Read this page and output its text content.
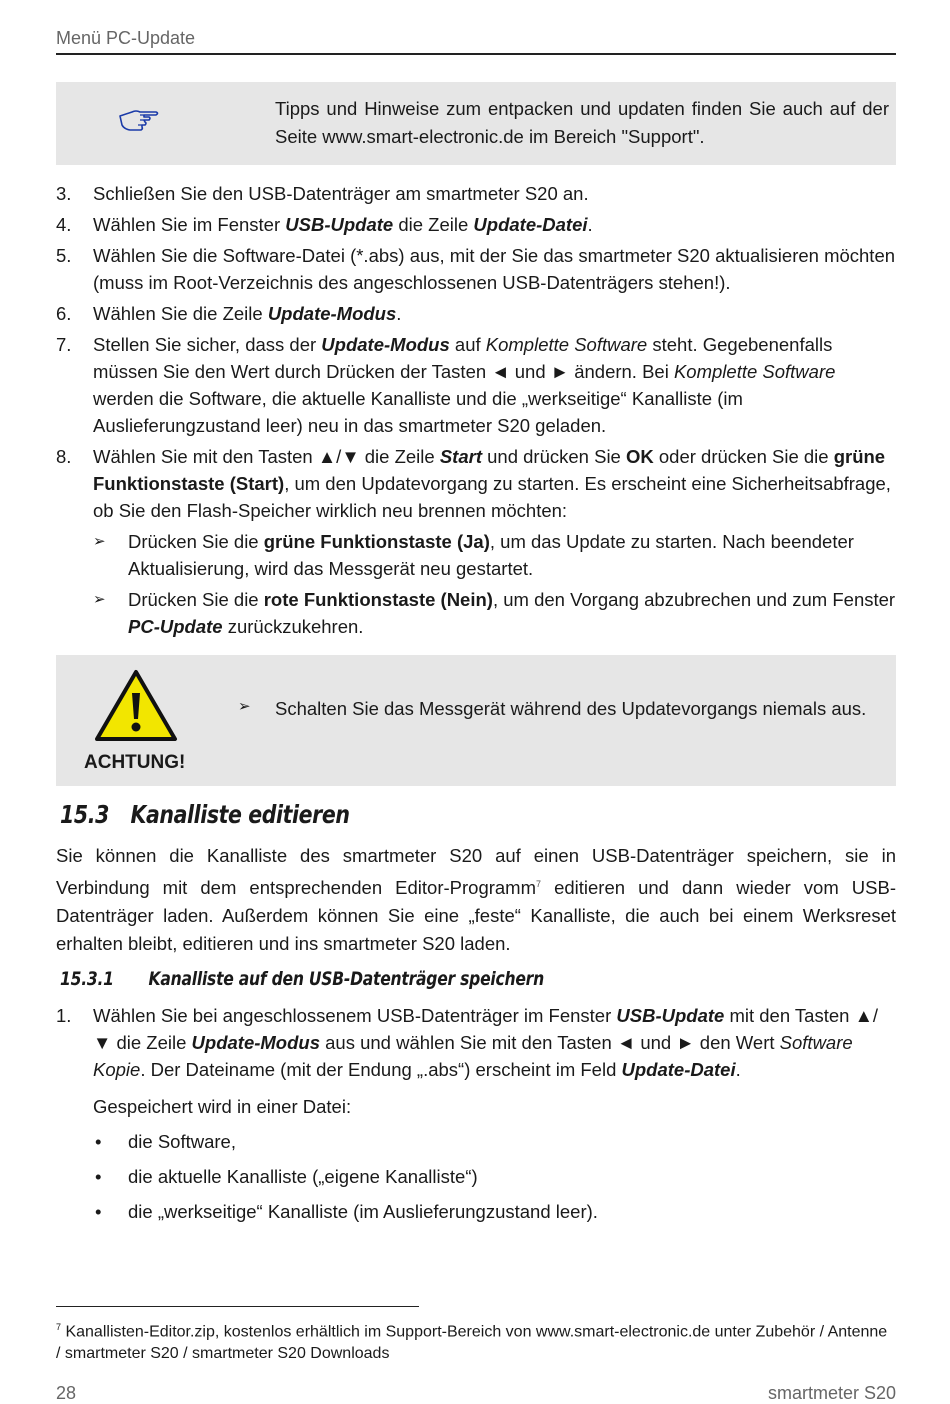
Menü PC-Update
Tipps und Hinweise zum entpacken und updaten finden Sie auch auf der Seite www.smart-electronic.de im Bereich "Support".
3. Schließen Sie den USB-Datenträger am smartmeter S20 an.
4. Wählen Sie im Fenster USB-Update die Zeile Update-Datei.
5. Wählen Sie die Software-Datei (*.abs) aus, mit der Sie das smartmeter S20 aktualisieren möchten (muss im Root-Verzeichnis des angeschlossenen USB-Datenträgers stehen!).
6. Wählen Sie die Zeile Update-Modus.
7. Stellen Sie sicher, dass der Update-Modus auf Komplette Software steht. Gegebenenfalls müssen Sie den Wert durch Drücken der Tasten ◄ und ► ändern. Bei Komplette Software werden die Software, die aktuelle Kanalliste und die „werkseitige“ Kanalliste (im Auslieferungzustand leer) neu in das smartmeter S20 geladen.
8. Wählen Sie mit den Tasten ▲/▼ die Zeile Start und drücken Sie OK oder drücken Sie die grüne Funktionstaste (Start), um den Updatevorgang zu starten. Es erscheint eine Sicherheitsabfrage, ob Sie den Flash-Speicher wirklich neu brennen möchten:
➢ Drücken Sie die grüne Funktionstaste (Ja), um das Update zu starten. Nach beendeter Aktualisierung, wird das Messgerät neu gestartet.
➢ Drücken Sie die rote Funktionstaste (Nein), um den Vorgang abzubrechen und zum Fenster PC-Update zurückzukehren.
ACHTUNG!
➢ Schalten Sie das Messgerät während des Updatevorgangs niemals aus.
15.3 Kanalliste editieren
Sie können die Kanalliste des smartmeter S20 auf einen USB-Datenträger speichern, sie in Verbindung mit dem entsprechenden Editor-Programm$^7$ editieren und dann wieder vom USB-Datenträger laden. Außerdem können Sie eine „feste“ Kanalliste, die auch bei einem Werksreset erhalten bleibt, editieren und ins smartmeter S20 laden.
15.3.1 Kanalliste auf den USB-Datenträger speichern
1. Wählen Sie bei angeschlossenem USB-Datenträger im Fenster USB-Update mit den Tasten ▲/▼ die Zeile Update-Modus aus und wählen Sie mit den Tasten ◄ und ► den Wert Software Kopie. Der Dateiname (mit der Endung „.abs“) erscheint im Feld Update-Datei.
Gespeichert wird in einer Datei:
• die Software,
• die aktuelle Kanalliste („eigene Kanalliste“)
• die „werkseitige“ Kanalliste (im Auslieferungzustand leer).
$^7$ Kanallisten-Editor.zip, kostenlos erhältlich im Support-Bereich von www.smart-electronic.de unter Zubehör / Antenne / smartmeter S20 / smartmeter S20 Downloads
28	smartmeter S20
